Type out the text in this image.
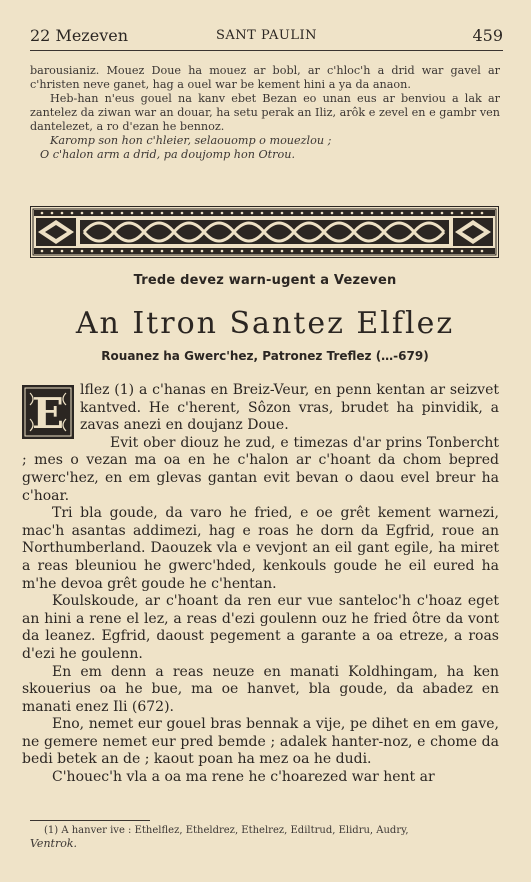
22 Mezeven	SANT PAULIN	459

barousianiz. Mouez Doue ha mouez ar bobl, ar c'hloc'h a drid war gavel ar c'hristen neve ganet, hag a ouel war be kement hini a ya da anaon.

Heb-han n'eus gouel na kanv ebet Bezan eo unan eus ar benviou a lak ar zantelez da ziwan war an douar, ha setu perak an Iliz, arôk e zevel en e gambr ven dantelezet, a ro d'ezan he bennoz.

Karomp son hon c'hleier, selaouomp o mouezlou ;

O c'halon arm a drid, pa doujomp hon Otrou.

Trede devez warn-ugent a Vezeven
An Itron Santez Elflez
Rouanez ha Gwerc'hez, Patronez Treflez (…-679)
E	lflez (1) a c'hanas en Breiz-Veur, en penn kentan ar seizvet kantved. He c'herent, Sôzon vras, brudet ha pinvidik, a zavas anezi en doujanz Doue.

Evit ober diouz he zud, e timezas d'ar prins Tonbercht ; mes o vezan ma oa en he c'halon ar c'hoant da chom bepred gwerc'hez, en em glevas gantan evit bevan o daou evel breur ha c'hoar.

Tri bla goude, da varo he fried, e oe grêt kement warnezi, mac'h asantas addimezi, hag e roas he dorn da Egfrid, roue an Northumberland. Daouzek vla e vevjont an eil gant egile, ha miret a reas bleuniou he gwerc'hded, kenkouls goude he eil eured ha m'he devoa grêt goude he c'hentan.

Koulskoude, ar c'hoant da ren eur vue santeloc'h c'hoaz eget an hini a rene el lez, a reas d'ezi goulenn ouz he fried ôtre da vont da leanez. Egfrid, daoust pegement a garante a oa etreze, a roas d'ezi he goulenn.

En em denn a reas neuze en manati Koldhingam, ha ken skouerius oa he bue, ma oe hanvet, bla goude, da abadez en manati enez Ili (672).

Eno, nemet eur gouel bras bennak a vije, pe dihet en em gave, ne gemere nemet eur pred bemde ; adalek hanter-noz, e chome da bedi betek an de ; kaout poan ha mez oa he dudi.

C'houec'h vla a oa ma rene he c'hoarezed war hent ar

(1) A hanver ive : Ethelflez, Etheldrez, Ethelrez, Ediltrud, Elidru, Audry,
Ventrok.
